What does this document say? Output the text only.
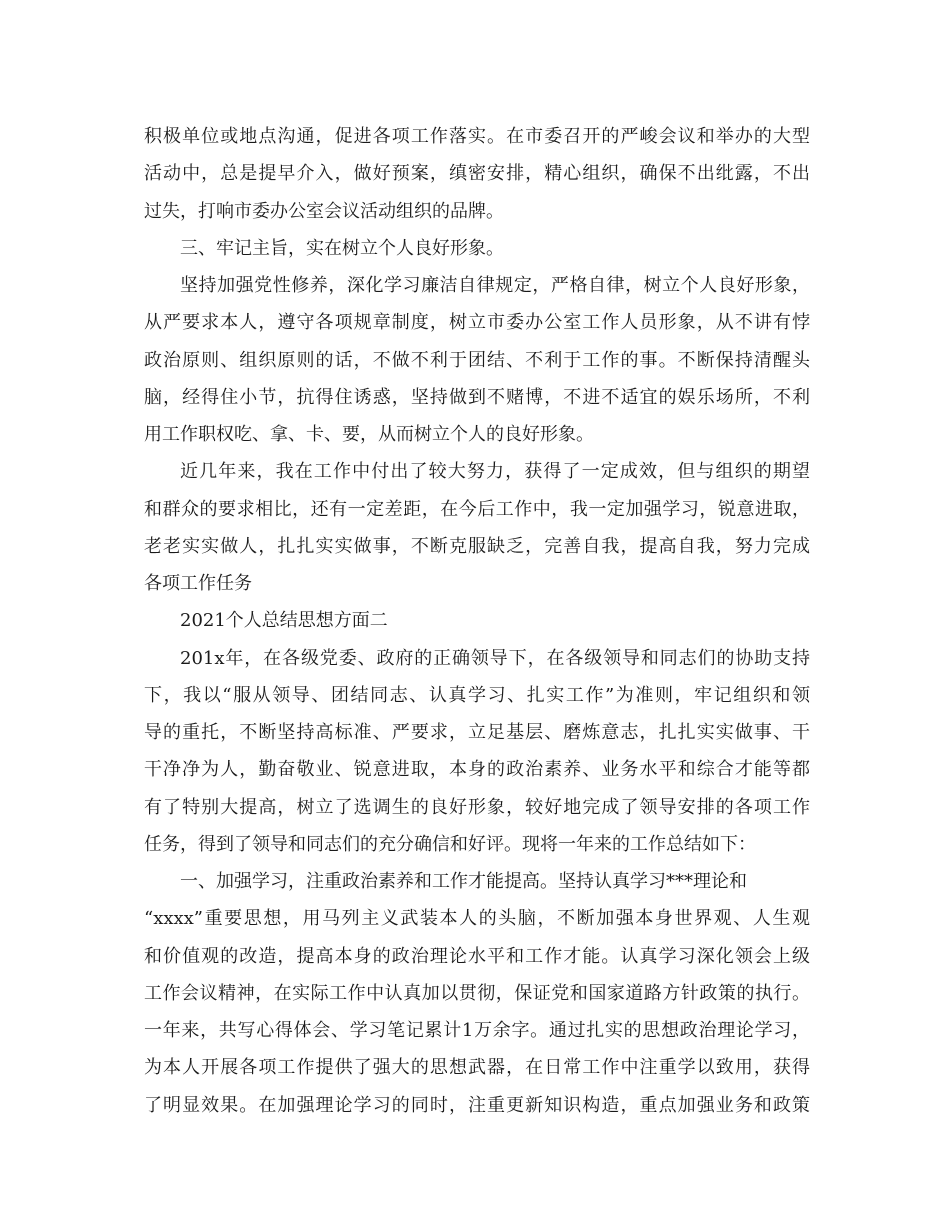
积极单位或地点沟通，促进各项工作落实。在市委召开的严峻会议和举办的大型
活动中，总是提早介入，做好预案，缜密安排，精心组织，确保不出纰露，不出
过失，打响市委办公室会议活动组织的品牌。
三、牢记主旨，实在树立个人良好形象。
坚持加强党性修养，深化学习廉洁自律规定，严格自律，树立个人良好形象，
从严要求本人，遵守各项规章制度，树立市委办公室工作人员形象，从不讲有悖
政治原则、组织原则的话，不做不利于团结、不利于工作的事。不断保持清醒头
脑，经得住小节，抗得住诱惑，坚持做到不赌博，不进不适宜的娱乐场所，不利
用工作职权吃、拿、卡、要，从而树立个人的良好形象。
近几年来，我在工作中付出了较大努力，获得了一定成效，但与组织的期望
和群众的要求相比，还有一定差距，在今后工作中，我一定加强学习，锐意进取，
老老实实做人，扎扎实实做事，不断克服缺乏，完善自我，提高自我，努力完成
各项工作任务
2021个人总结思想方面二
201x年，在各级党委、政府的正确领导下，在各级领导和同志们的协助支持
下，我以“服从领导、团结同志、认真学习、扎实工作”为准则，牢记组织和领
导的重托，不断坚持高标准、严要求，立足基层、磨炼意志，扎扎实实做事、干
干净净为人，勤奋敬业、锐意进取，本身的政治素养、业务水平和综合才能等都
有了特别大提高，树立了选调生的良好形象，较好地完成了领导安排的各项工作
任务，得到了领导和同志们的充分确信和好评。现将一年来的工作总结如下：
一、加强学习，注重政治素养和工作才能提高。坚持认真学习***理论和
“xxxx”重要思想，用马列主义武装本人的头脑，不断加强本身世界观、人生观
和价值观的改造，提高本身的政治理论水平和工作才能。认真学习深化领会上级
工作会议精神，在实际工作中认真加以贯彻，保证党和国家道路方针政策的执行。
一年来，共写心得体会、学习笔记累计1万余字。通过扎实的思想政治理论学习，
为本人开展各项工作提供了强大的思想武器，在日常工作中注重学以致用，获得
了明显效果。在加强理论学习的同时，注重更新知识构造，重点加强业务和政策
